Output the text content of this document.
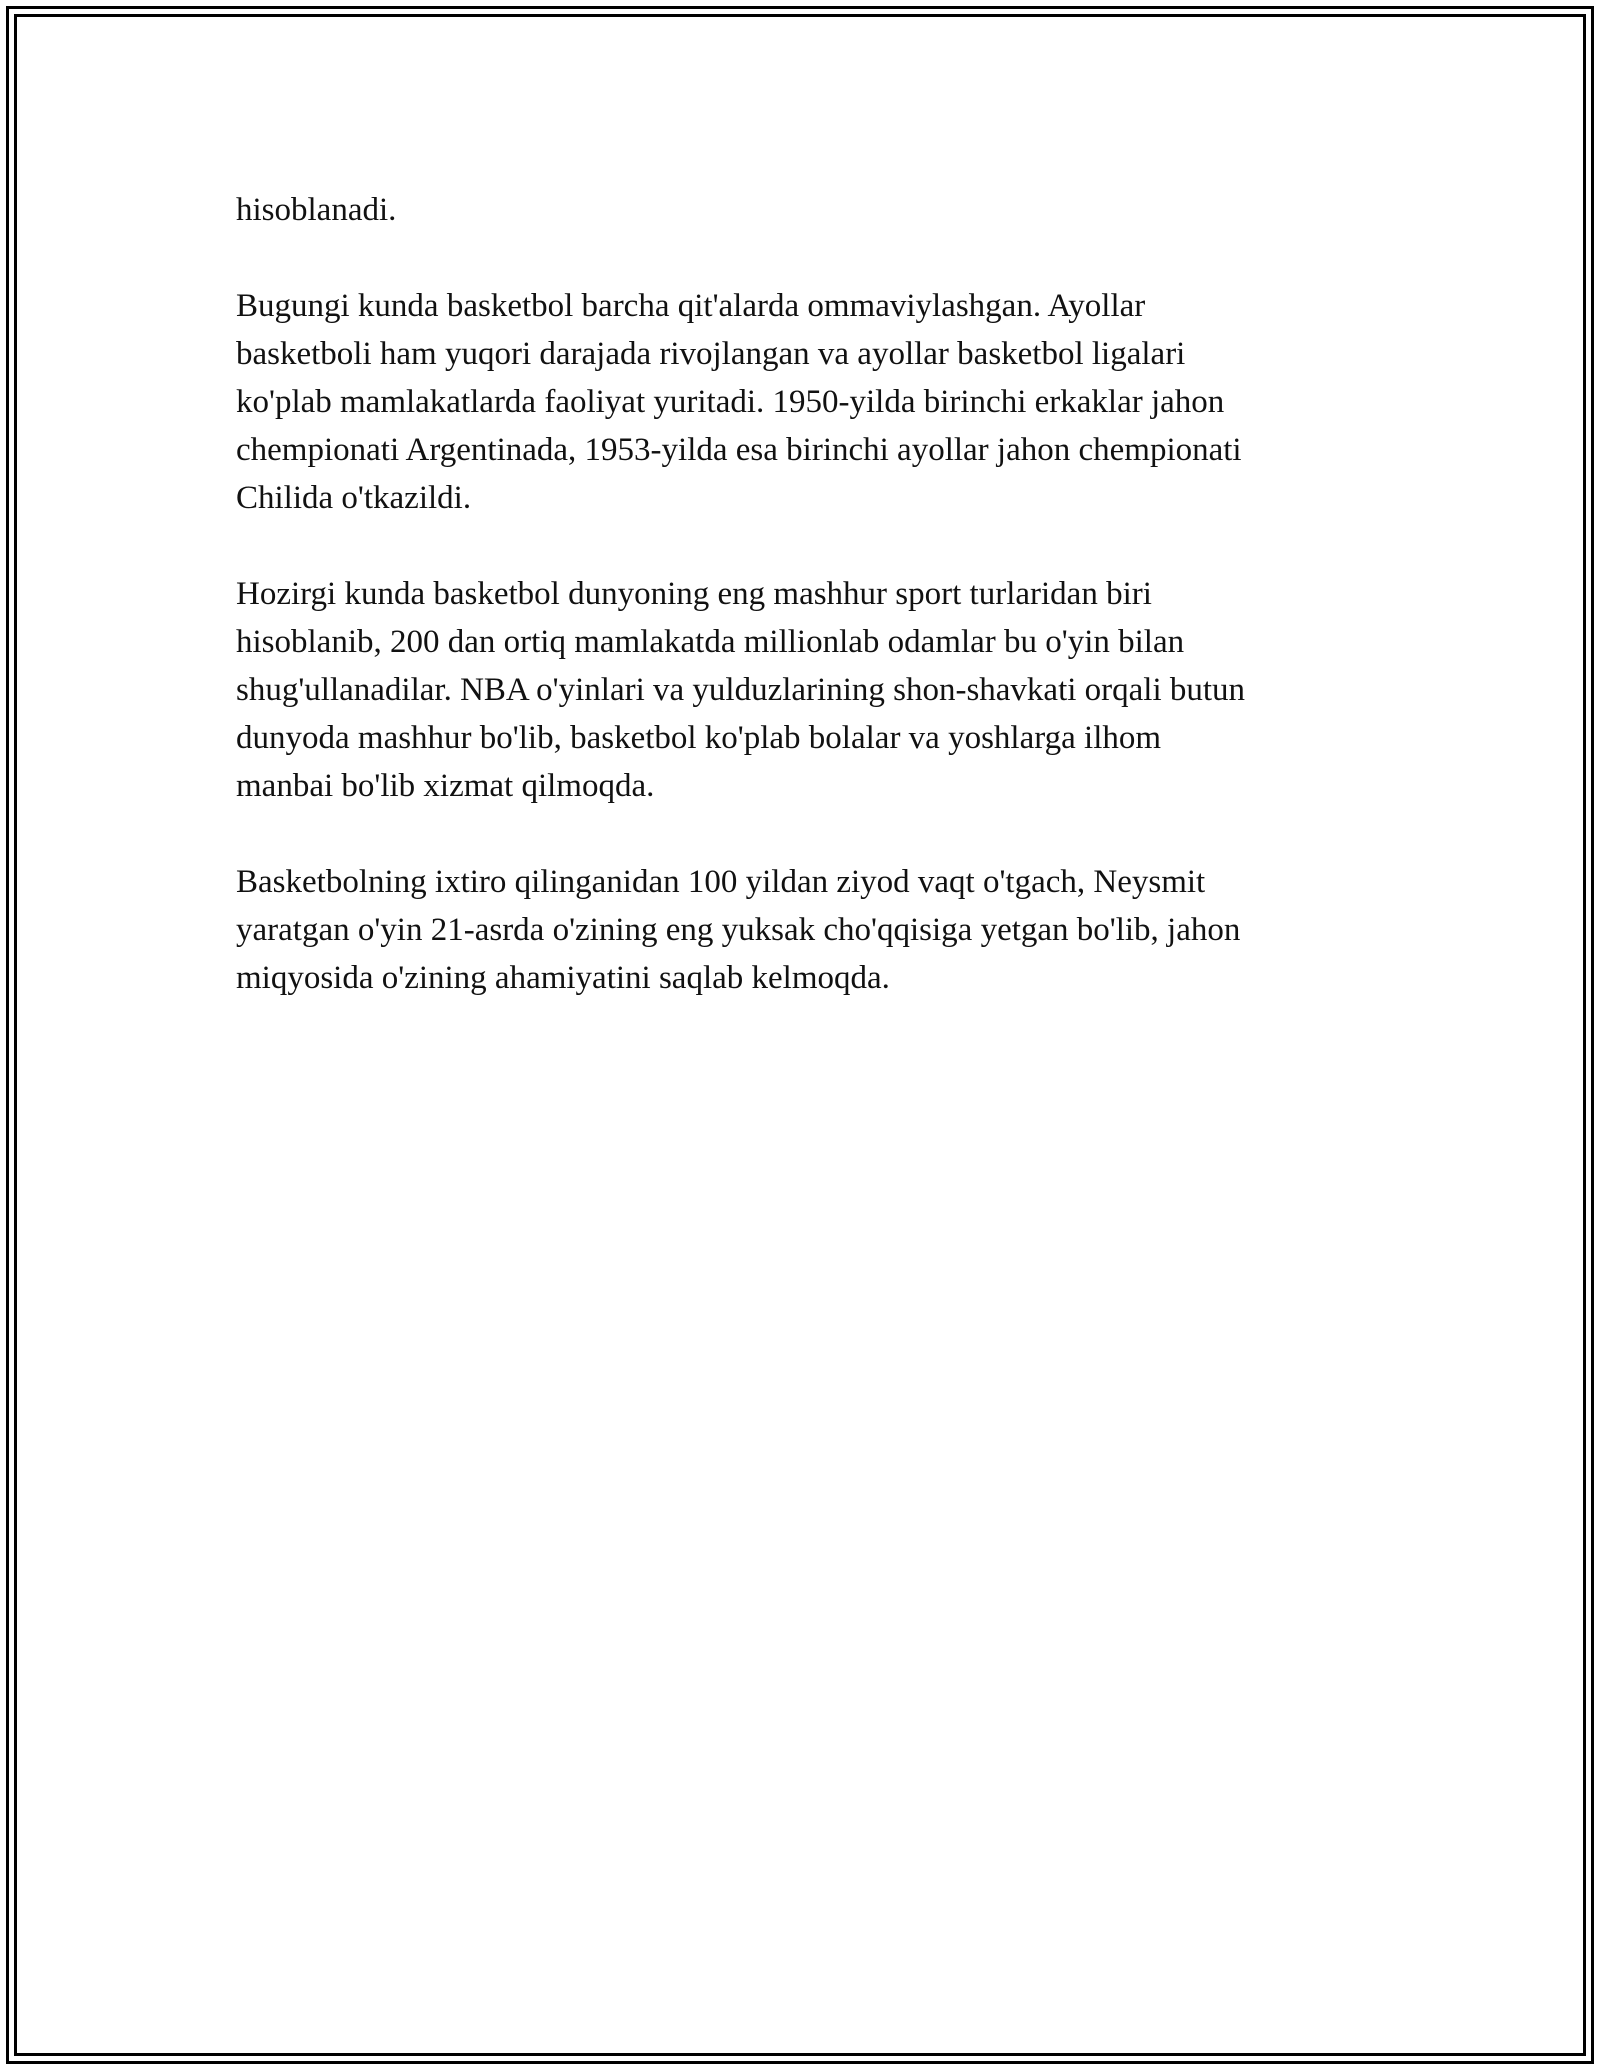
hisoblanadi.

Bugungi kunda basketbol barcha qit'alarda ommaviylashgan. Ayollar
basketboli ham yuqori darajada rivojlangan va ayollar basketbol ligalari
ko'plab mamlakatlarda faoliyat yuritadi. 1950-yilda birinchi erkaklar jahon
chempionati Argentinada, 1953-yilda esa birinchi ayollar jahon chempionati
Chilida o'tkazildi.

Hozirgi kunda basketbol dunyoning eng mashhur sport turlaridan biri
hisoblanib, 200 dan ortiq mamlakatda millionlab odamlar bu o'yin bilan
shug'ullanadilar. NBA o'yinlari va yulduzlarining shon-shavkati orqali butun
dunyoda mashhur bo'lib, basketbol ko'plab bolalar va yoshlarga ilhom
manbai bo'lib xizmat qilmoqda.

Basketbolning ixtiro qilinganidan 100 yildan ziyod vaqt o'tgach, Neysmit
yaratgan o'yin 21-asrda o'zining eng yuksak cho'qqisiga yetgan bo'lib, jahon
miqyosida o'zining ahamiyatini saqlab kelmoqda.
